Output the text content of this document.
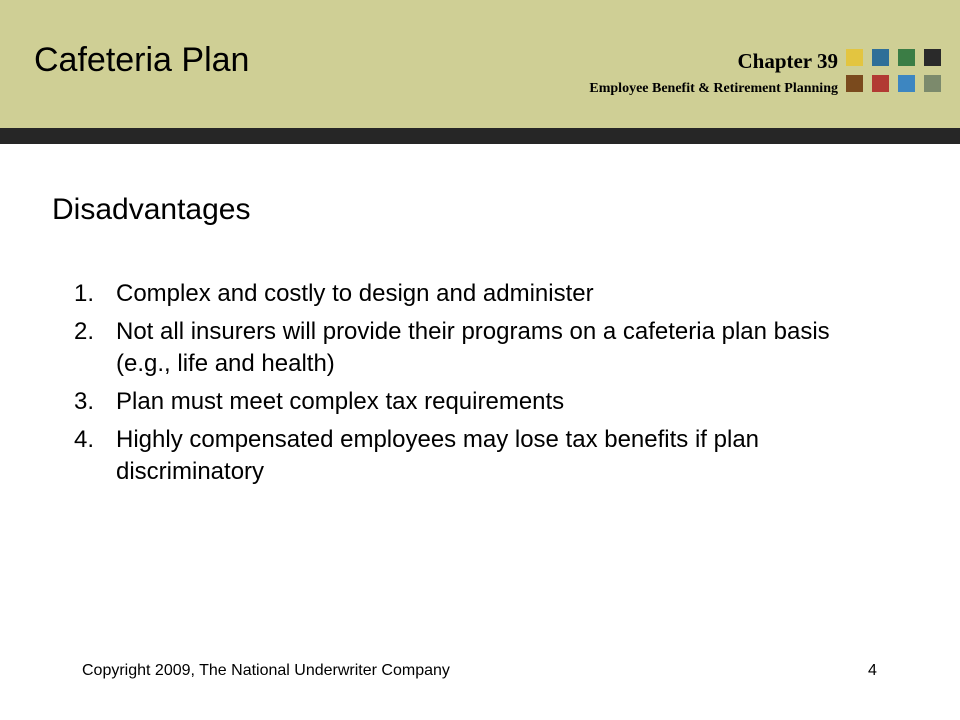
Cafeteria Plan	Chapter 39
Employee Benefit & Retirement Planning
Disadvantages
1. Complex and costly to design and administer
2. Not all insurers will provide their programs on a cafeteria plan basis (e.g., life and health)
3. Plan must meet complex tax requirements
4. Highly compensated employees may lose tax benefits if plan discriminatory
Copyright 2009, The National Underwriter Company	4
